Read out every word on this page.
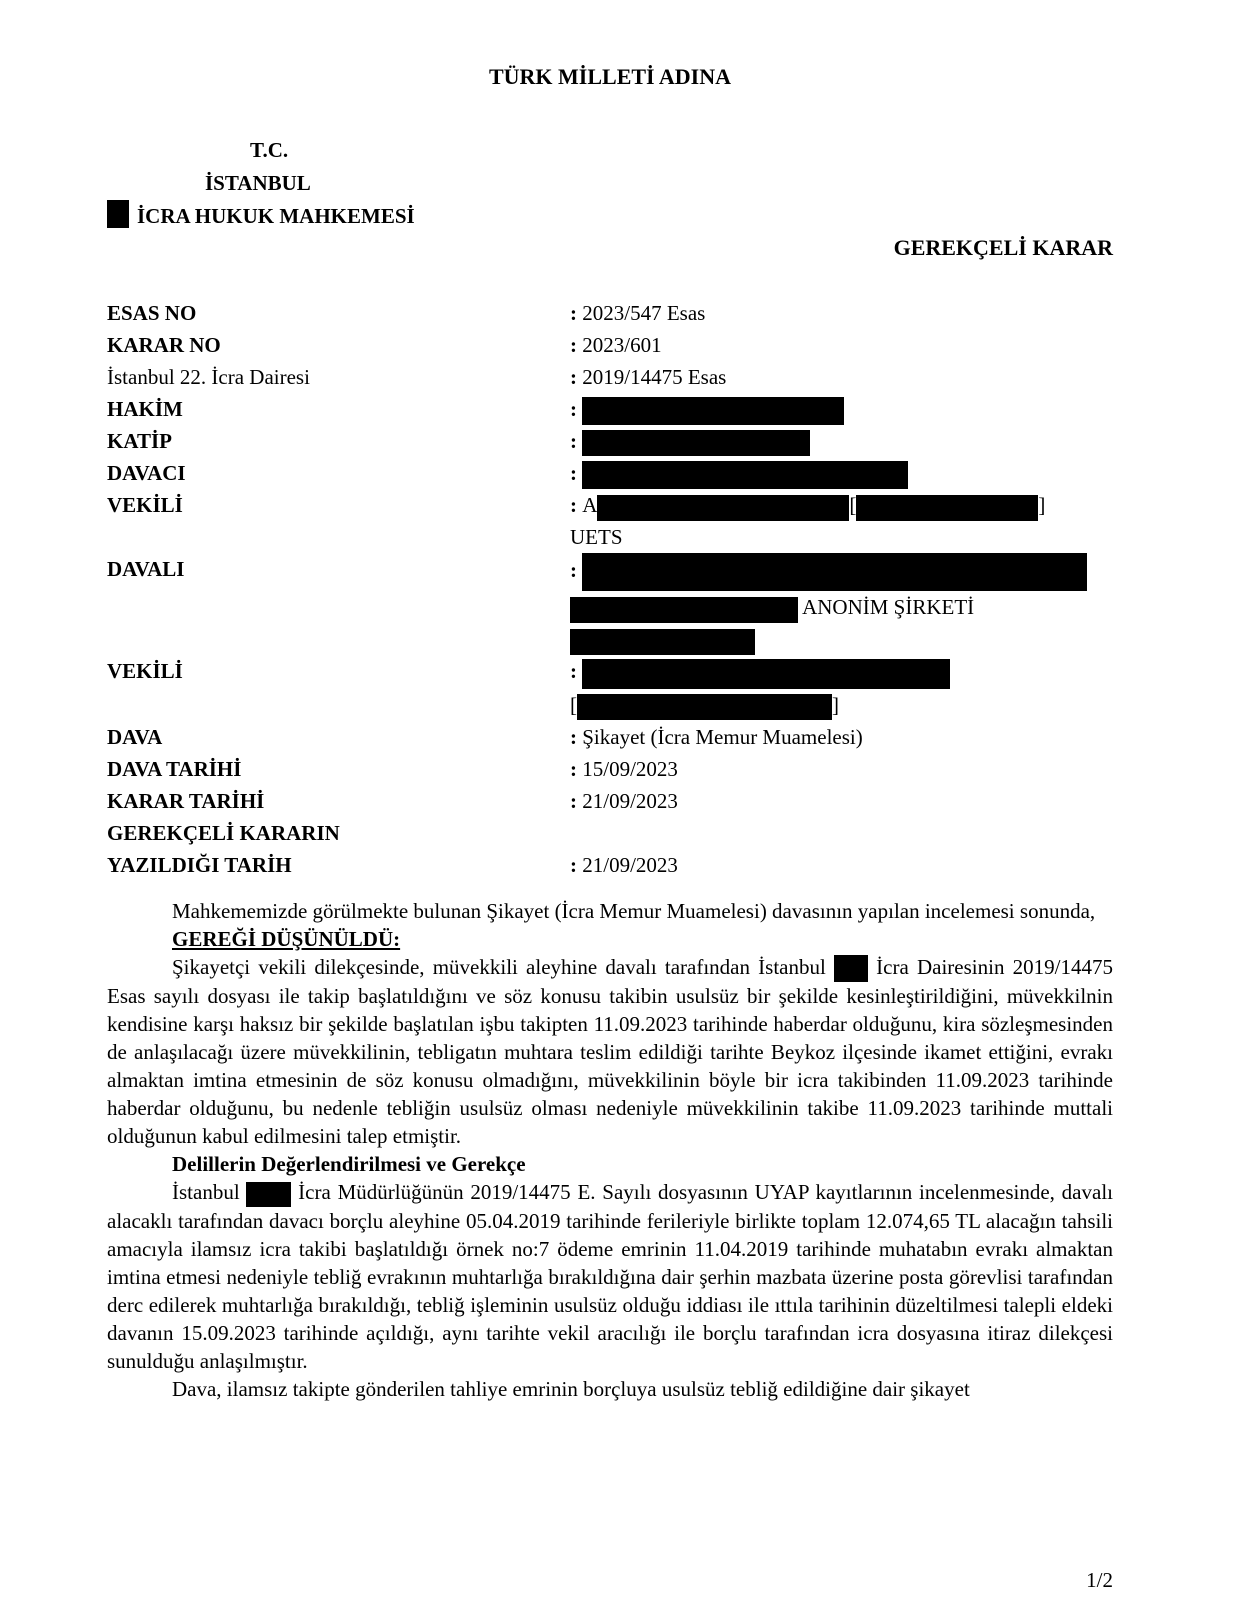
TÜRK MİLLETİ ADINA
T.C.
İSTANBUL
İCRA HUKUK MAHKEMESİ
GEREKÇELİ KARAR
ESAS NO	: 2023/547 Esas
KARAR NO	: 2023/601
İstanbul 22. İcra Dairesi	: 2019/14475 Esas
HAKİM	:
KATİP	:
DAVACI	:
VEKİLİ	: A	[	]
UETS
DAVALI	:
ANONİM ŞİRKETİ
VEKİLİ	:
[	]
DAVA	: Şikayet (İcra Memur Muamelesi)
DAVA TARİHİ	: 15/09/2023
KARAR TARİHİ	: 21/09/2023
GEREKÇELİ KARARIN
YAZILDIĞI TARİH	: 21/09/2023
Mahkememizde görülmekte bulunan Şikayet (İcra Memur Muamelesi) davasının yapılan incelemesi sonunda,
GEREĞİ DÜŞÜNÜLDÜ:
Şikayetçi vekili dilekçesinde, müvekkili aleyhine davalı tarafından İstanbul  İcra Dairesinin 2019/14475 Esas sayılı dosyası ile takip başlatıldığını ve söz konusu takibin usulsüz bir şekilde kesinleştirildiğini, müvekkilnin kendisine karşı haksız bir şekilde başlatılan işbu takipten 11.09.2023 tarihinde haberdar olduğunu, kira sözleşmesinden de anlaşılacağı üzere müvekkilinin, tebligatın muhtara teslim edildiği tarihte Beykoz ilçesinde ikamet ettiğini, evrakı almaktan imtina etmesinin de söz konusu olmadığını, müvekkilinin böyle bir icra takibinden 11.09.2023 tarihinde haberdar olduğunu, bu nedenle tebliğin usulsüz olması nedeniyle müvekkilinin takibe 11.09.2023 tarihinde muttali olduğunun kabul edilmesini talep etmiştir.
Delillerin Değerlendirilmesi ve Gerekçe
İstanbul  İcra Müdürlüğünün 2019/14475 E. Sayılı dosyasının UYAP kayıtlarının incelenmesinde, davalı alacaklı tarafından davacı borçlu aleyhine 05.04.2019 tarihinde ferileriyle birlikte toplam 12.074,65 TL alacağın tahsili amacıyla ilamsız icra takibi başlatıldığı örnek no:7 ödeme emrinin 11.04.2019 tarihinde muhatabın evrakı almaktan imtina etmesi nedeniyle tebliğ evrakının muhtarlığa bırakıldığına dair şerhin mazbata üzerine posta görevlisi tarafından derc edilerek muhtarlığa bırakıldığı, tebliğ işleminin usulsüz olduğu iddiası ile ıttıla tarihinin düzeltilmesi talepli eldeki davanın 15.09.2023 tarihinde açıldığı, aynı tarihte vekil aracılığı ile borçlu tarafından icra dosyasına itiraz dilekçesi sunulduğu anlaşılmıştır.
Dava, ilamsız takipte gönderilen tahliye emrinin borçluya usulsüz tebliğ edildiğine dair şikayet
1/2
